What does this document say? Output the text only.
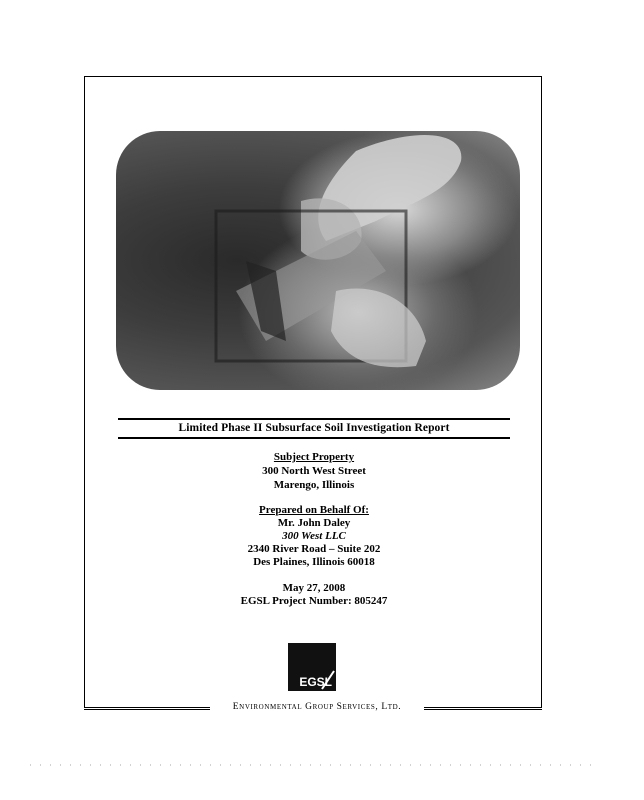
Limited Phase II Subsurface Soil Investigation Report
Subject Property
300 North West Street
Marengo, Illinois
Prepared on Behalf Of:
Mr. John Daley
300 West LLC
2340 River Road – Suite 202
Des Plaines, Illinois 60018
May 27, 2008
EGSL Project Number: 805247
EGSL
Environmental Group Services, Ltd.
